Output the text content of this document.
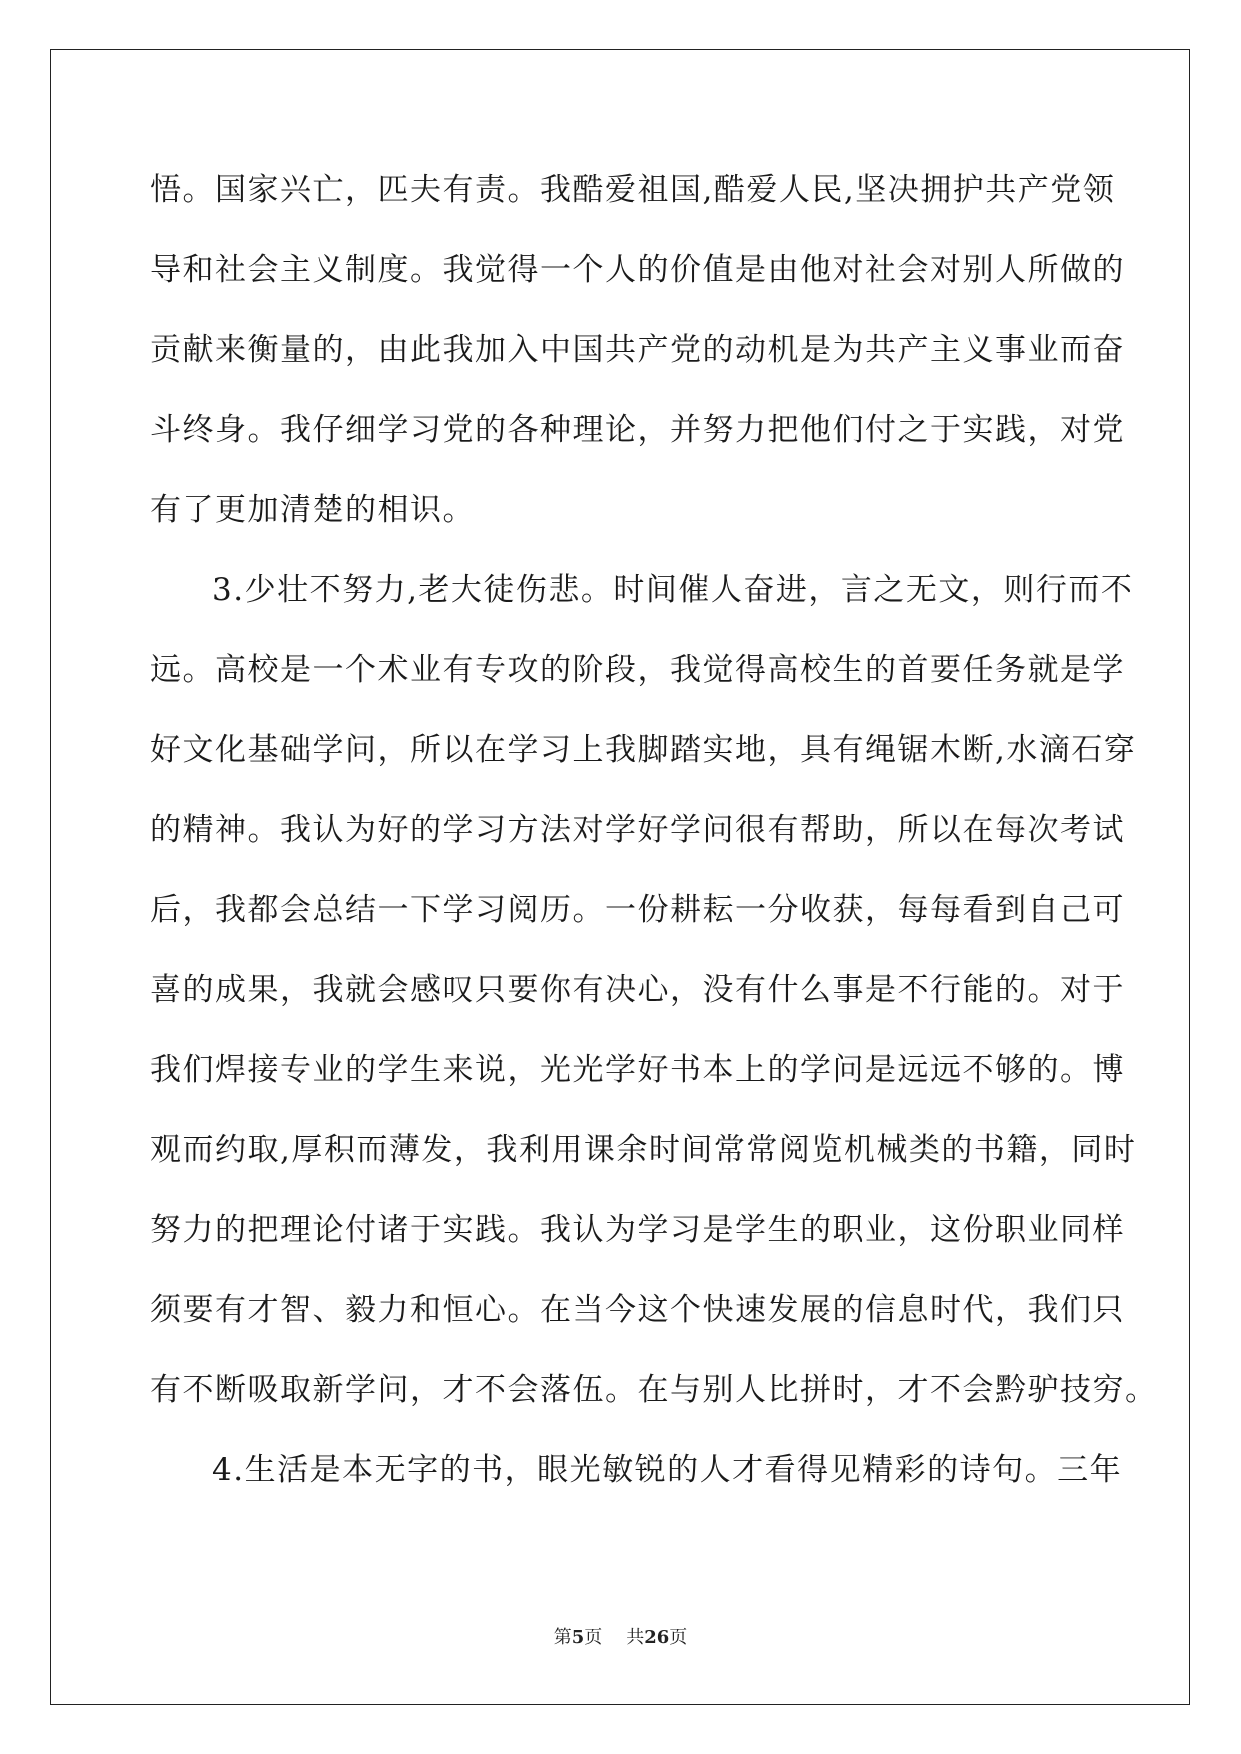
悟。国家兴亡，匹夫有责。我酷爱祖国,酷爱人民,坚决拥护共产党领
导和社会主义制度。我觉得一个人的价值是由他对社会对别人所做的
贡献来衡量的，由此我加入中国共产党的动机是为共产主义事业而奋
斗终身。我仔细学习党的各种理论，并努力把他们付之于实践，对党
有了更加清楚的相识。
3.少壮不努力,老大徒伤悲。时间催人奋进，言之无文，则行而不
远。高校是一个术业有专攻的阶段，我觉得高校生的首要任务就是学
好文化基础学问，所以在学习上我脚踏实地，具有绳锯木断,水滴石穿
的精神。我认为好的学习方法对学好学问很有帮助，所以在每次考试
后，我都会总结一下学习阅历。一份耕耘一分收获，每每看到自己可
喜的成果，我就会感叹只要你有决心，没有什么事是不行能的。对于
我们焊接专业的学生来说，光光学好书本上的学问是远远不够的。博
观而约取,厚积而薄发，我利用课余时间常常阅览机械类的书籍，同时
努力的把理论付诸于实践。我认为学习是学生的职业，这份职业同样
须要有才智、毅力和恒心。在当今这个快速发展的信息时代，我们只
有不断吸取新学问，才不会落伍。在与别人比拼时，才不会黔驴技穷。
4.生活是本无字的书，眼光敏锐的人才看得见精彩的诗句。三年
第5页 共26页
